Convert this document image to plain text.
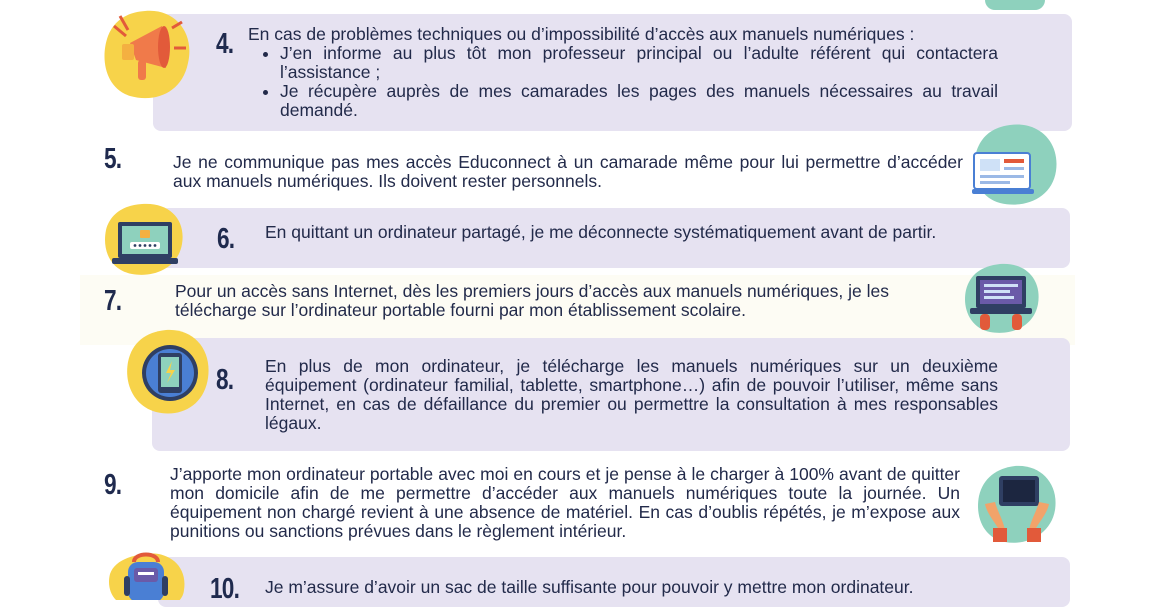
4. En cas de problèmes techniques ou d’impossibilité d’accès aux manuels numériques :
• J’en informe au plus tôt mon professeur principal ou l’adulte référent qui contactera l’assistance ;
• Je récupère auprès de mes camarades les pages des manuels nécessaires au travail demandé.
5.	Je ne communique pas mes accès Educonnect à un camarade même pour lui permettre d’accéder aux manuels numériques. Ils doivent rester personnels.
6. En quittant un ordinateur partagé, je me déconnecte systématiquement avant de partir.
7.	Pour un accès sans Internet, dès les premiers jours d’accès aux manuels numériques, je les télécharge sur l’ordinateur portable fourni par mon établissement scolaire.
8. En plus de mon ordinateur, je télécharge les manuels numériques sur un deuxième équipement (ordinateur familial, tablette, smartphone…) afin de pouvoir l’utiliser, même sans Internet, en cas de défaillance du premier ou permettre la consultation à mes responsables légaux.
9.	J’apporte mon ordinateur portable avec moi en cours et je pense à le charger à 100% avant de quitter mon domicile afin de me permettre d’accéder aux manuels numériques toute la journée. Un équipement non chargé revient à une absence de matériel. En cas d’oublis répétés, je m’expose aux punitions ou sanctions prévues dans le règlement intérieur.
10. Je m’assure d’avoir un sac de taille suffisante pour pouvoir y mettre mon ordinateur.
